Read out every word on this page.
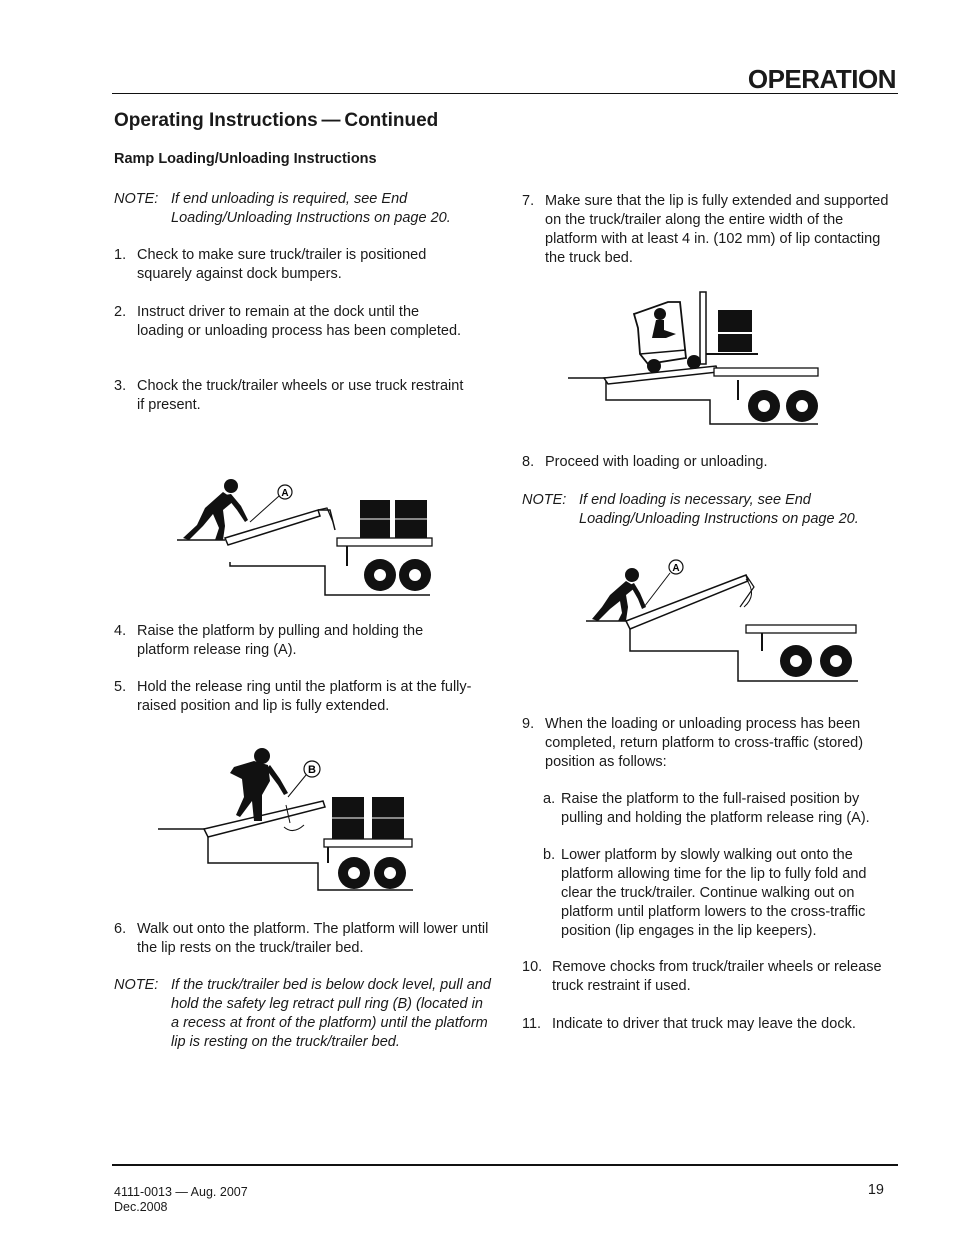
OPERATION
Operating Instructions — Continued
Ramp Loading/Unloading Instructions
NOTE: If end unloading is required, see End Loading/Unloading Instructions on page 20.
1. Check to make sure truck/trailer is positioned squarely against dock bumpers.
2. Instruct driver to remain at the dock until the loading or unloading process has been completed.
3. Chock the truck/trailer wheels or use truck restraint if present.
A
4. Raise the platform by pulling and holding the platform release ring (A).
5. Hold the release ring until the platform is at the fully-raised position and lip is fully extended.
B
6. Walk out onto the platform. The platform will lower until the lip rests on the truck/trailer bed.
NOTE: If the truck/trailer bed is below dock level, pull and hold the safety leg retract pull ring (B) (located in a recess at front of the platform) until the platform lip is resting on the truck/trailer bed.
7. Make sure that the lip is fully extended and supported on the truck/trailer along the entire width of the platform with at least 4 in. (102 mm) of lip contacting the truck bed.
8. Proceed with loading or unloading.
NOTE: If end loading is necessary, see End Loading/Unloading Instructions on page 20.
A
9. When the loading or unloading process has been completed, return platform to cross-traffic (stored) position as follows:
a. Raise the platform to the full-raised position by pulling and holding the platform release ring (A).
b. Lower platform by slowly walking out onto the platform allowing time for the lip to fully fold and clear the truck/trailer. Continue walking out on platform until platform lowers to the cross-traffic position (lip engages in the lip keepers).
10. Remove chocks from truck/trailer wheels or release truck restraint if used.
11. Indicate to driver that truck may leave the dock.
4111-0013 — Aug. 2007
Dec.2008
19
